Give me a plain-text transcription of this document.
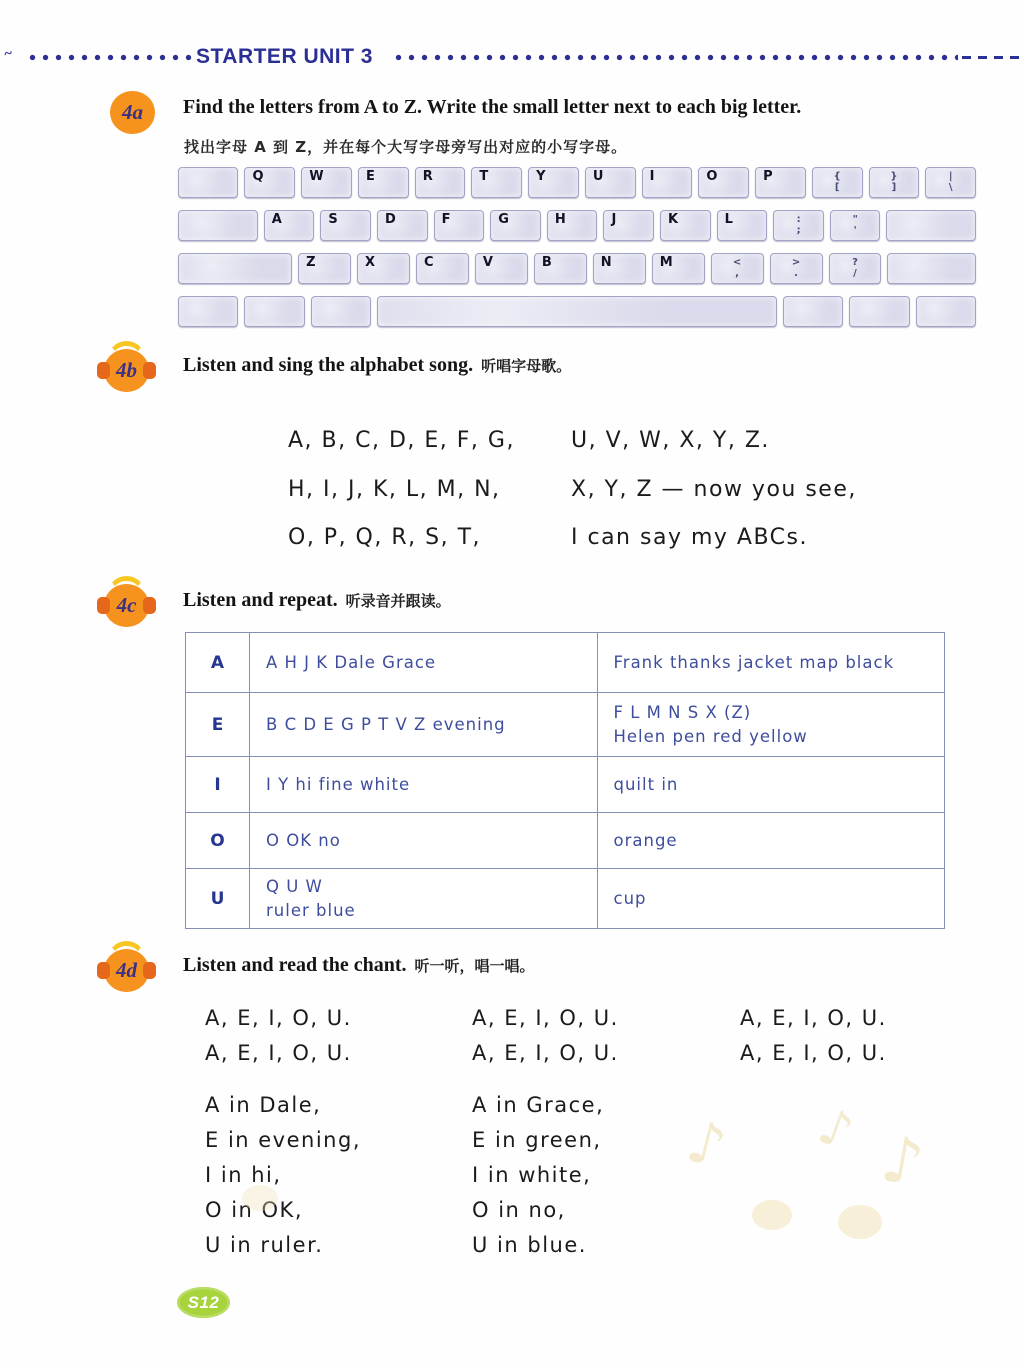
~	STARTER UNIT 3
4a Find the letters from A to Z. Write the small letter next to each big letter.
找出字母 A 到 Z，并在每个大写字母旁写出对应的小写字母。
Q	W	E	R	T	Y	U	I	O	P	{
[
}
]
|
\
A	S	D	F	G	H	J	K	L	:
;
"
'
Z	X	C	V	B	N	M	<
,
>
.
?
/
4b Listen and sing the alphabet song. 听唱字母歌。
A, B, C, D, E, F, G,
H, I, J, K, L, M, N,
O, P, Q, R, S, T,
U, V, W, X, Y, Z.
X, Y, Z — now you see,
I can say my ABCs.
4c Listen and repeat. 听录音并跟读。
A	A H J K Dale Grace	Frank thanks jacket map black

E	B C D E G P T V Z evening	F L M N S X (Z)
Helen pen red yellow

I	I Y hi fine white	quilt in

O	O OK no	orange

U	Q U W
ruler blue	cup
4d Listen and read the chant. 听一听，唱一唱。
A, E, I, O, U.	A, E, I, O, U.	A, E, I, O, U.
A, E, I, O, U.	A, E, I, O, U.	A, E, I, O, U.
A in Dale,
E in evening,
I in hi,
O in OK,
U in ruler.
A in Grace,
E in green,
I in white,
O in no,
U in blue.
♪ ♪ ♪
S12
